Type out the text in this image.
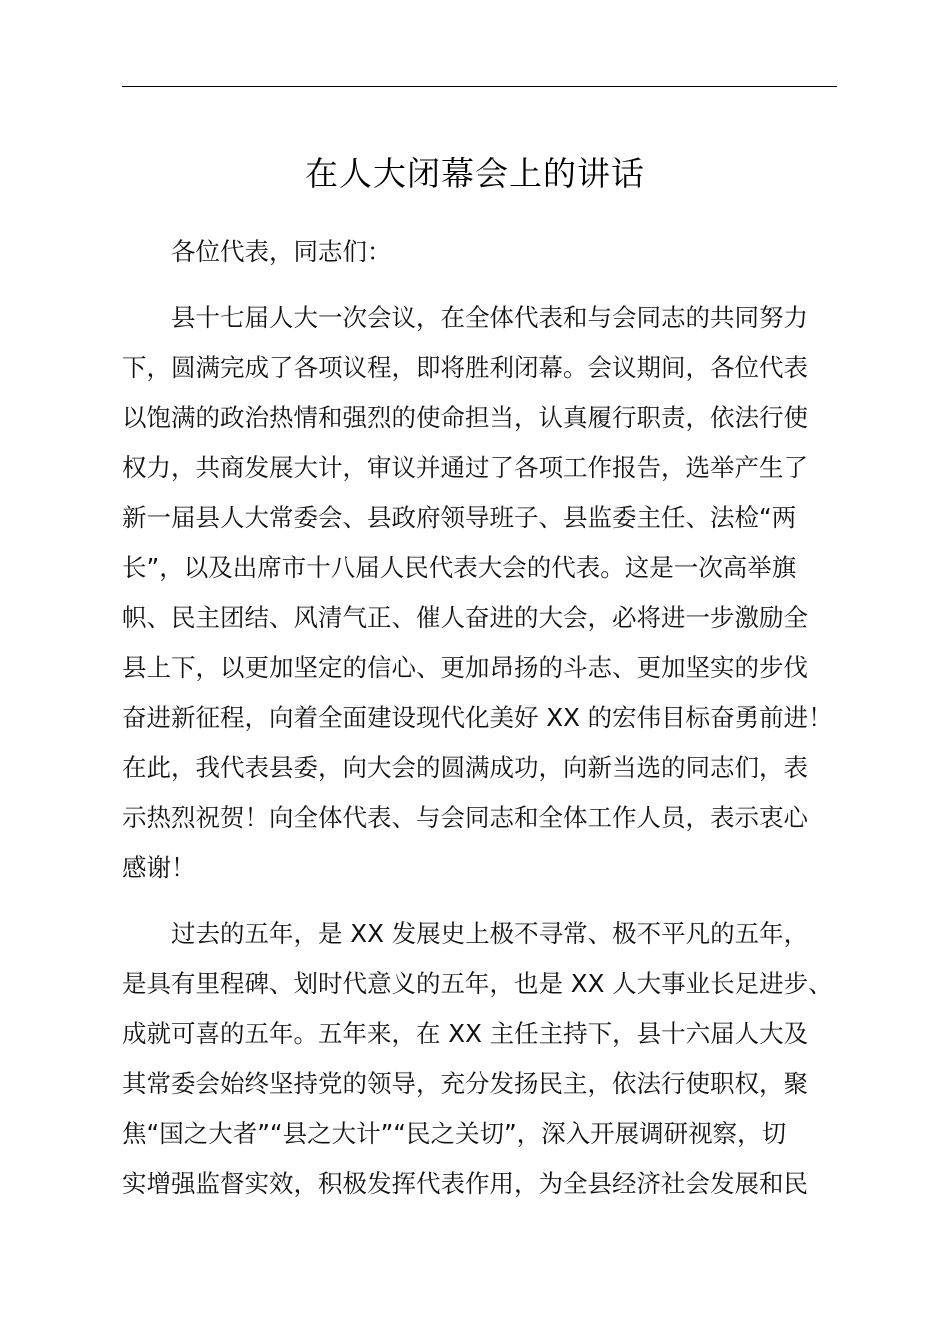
在人大闭幕会上的讲话
各位代表，同志们：
县十七届人大一次会议，在全体代表和与会同志的共同努力
下，圆满完成了各项议程，即将胜利闭幕。会议期间，各位代表
以饱满的政治热情和强烈的使命担当，认真履行职责，依法行使
权力，共商发展大计，审议并通过了各项工作报告，选举产生了
新一届县人大常委会、县政府领导班子、县监委主任、法检“两
长”，以及出席市十八届人民代表大会的代表。这是一次高举旗
帜、民主团结、风清气正、催人奋进的大会，必将进一步激励全
县上下，以更加坚定的信心、更加昂扬的斗志、更加坚实的步伐
奋进新征程，向着全面建设现代化美好 XX 的宏伟目标奋勇前进！
在此，我代表县委，向大会的圆满成功，向新当选的同志们，表
示热烈祝贺！向全体代表、与会同志和全体工作人员，表示衷心
感谢！
过去的五年，是 XX 发展史上极不寻常、极不平凡的五年，
是具有里程碑、划时代意义的五年，也是 XX 人大事业长足进步、
成就可喜的五年。五年来，在 XX 主任主持下，县十六届人大及
其常委会始终坚持党的领导，充分发扬民主，依法行使职权，聚
焦“国之大者”“县之大计”“民之关切”，深入开展调研视察，切
实增强监督实效，积极发挥代表作用，为全县经济社会发展和民
